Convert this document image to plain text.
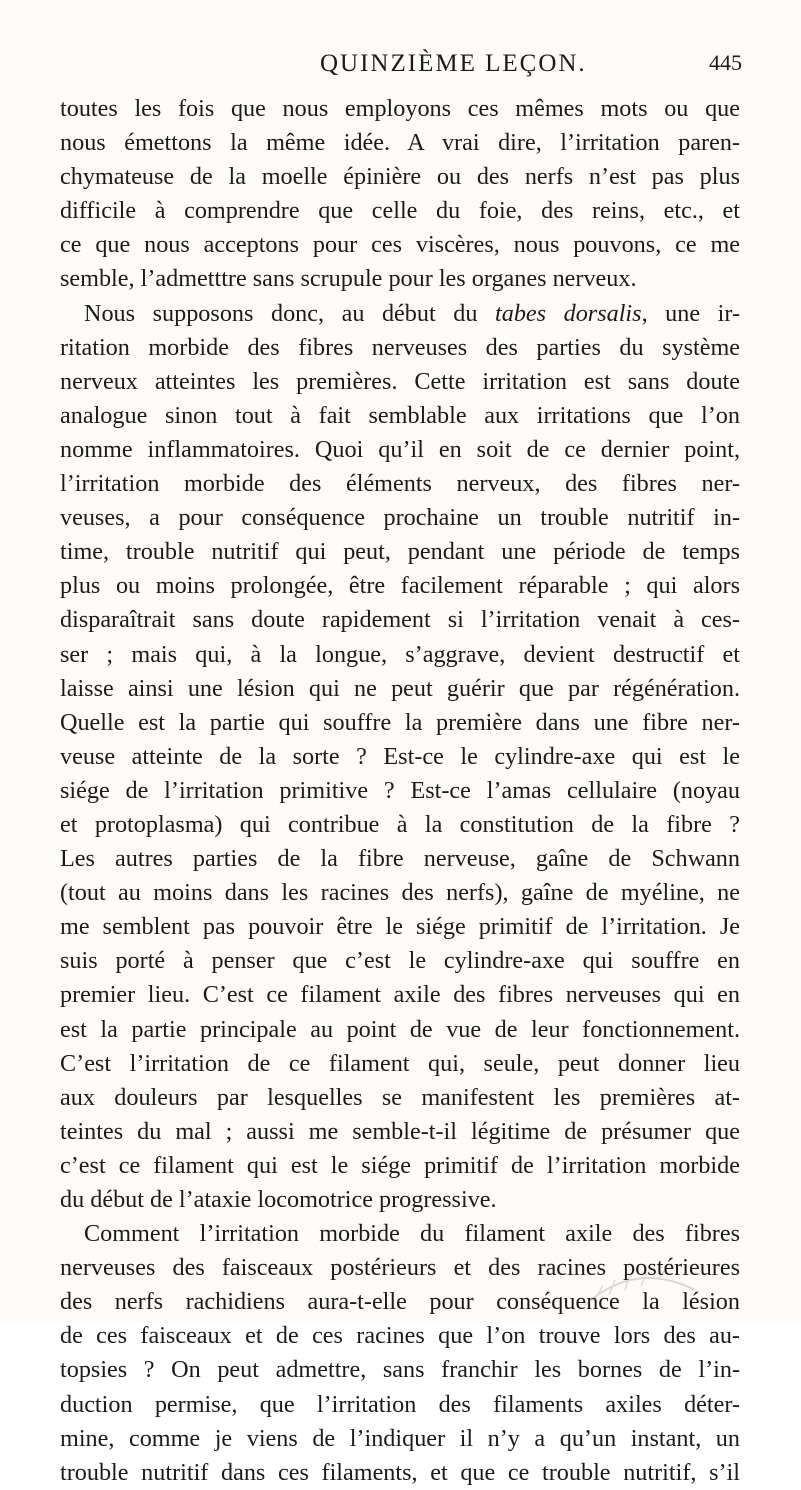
QUINZIÈME LEÇON.	445
toutes les fois que nous employons ces mêmes mots ou que
nous émettons la même idée. A vrai dire, l’irritation paren-
chymateuse de la moelle épinière ou des nerfs n’est pas plus
difficile à comprendre que celle du foie, des reins, etc., et
ce que nous acceptons pour ces viscères, nous pouvons, ce me
semble, l’admetttre sans scrupule pour les organes nerveux.
Nous supposons donc, au début du tabes dorsalis, une ir-
ritation morbide des fibres nerveuses des parties du système
nerveux atteintes les premières. Cette irritation est sans doute
analogue sinon tout à fait semblable aux irritations que l’on
nomme inflammatoires. Quoi qu’il en soit de ce dernier point,
l’irritation morbide des éléments nerveux, des fibres ner-
veuses, a pour conséquence prochaine un trouble nutritif in-
time, trouble nutritif qui peut, pendant une période de temps
plus ou moins prolongée, être facilement réparable ; qui alors
disparaîtrait sans doute rapidement si l’irritation venait à ces-
ser ; mais qui, à la longue, s’aggrave, devient destructif et
laisse ainsi une lésion qui ne peut guérir que par régénération.
Quelle est la partie qui souffre la première dans une fibre ner-
veuse atteinte de la sorte ? Est-ce le cylindre-axe qui est le
siége de l’irritation primitive ? Est-ce l’amas cellulaire (noyau
et protoplasma) qui contribue à la constitution de la fibre ?
Les autres parties de la fibre nerveuse, gaîne de Schwann
(tout au moins dans les racines des nerfs), gaîne de myéline, ne
me semblent pas pouvoir être le siége primitif de l’irritation. Je
suis porté à penser que c’est le cylindre-axe qui souffre en
premier lieu. C’est ce filament axile des fibres nerveuses qui en
est la partie principale au point de vue de leur fonctionnement.
C’est l’irritation de ce filament qui, seule, peut donner lieu
aux douleurs par lesquelles se manifestent les premières at-
teintes du mal ; aussi me semble-t-il légitime de présumer que
c’est ce filament qui est le siége primitif de l’irritation morbide
du début de l’ataxie locomotrice progressive.
Comment l’irritation morbide du filament axile des fibres
nerveuses des faisceaux postérieurs et des racines postérieures
des nerfs rachidiens aura-t-elle pour conséquence la lésion
de ces faisceaux et de ces racines que l’on trouve lors des au-
topsies ? On peut admettre, sans franchir les bornes de l’in-
duction permise, que l’irritation des filaments axiles déter-
mine, comme je viens de l’indiquer il n’y a qu’un instant, un
trouble nutritif dans ces filaments, et que ce trouble nutritif, s’il
